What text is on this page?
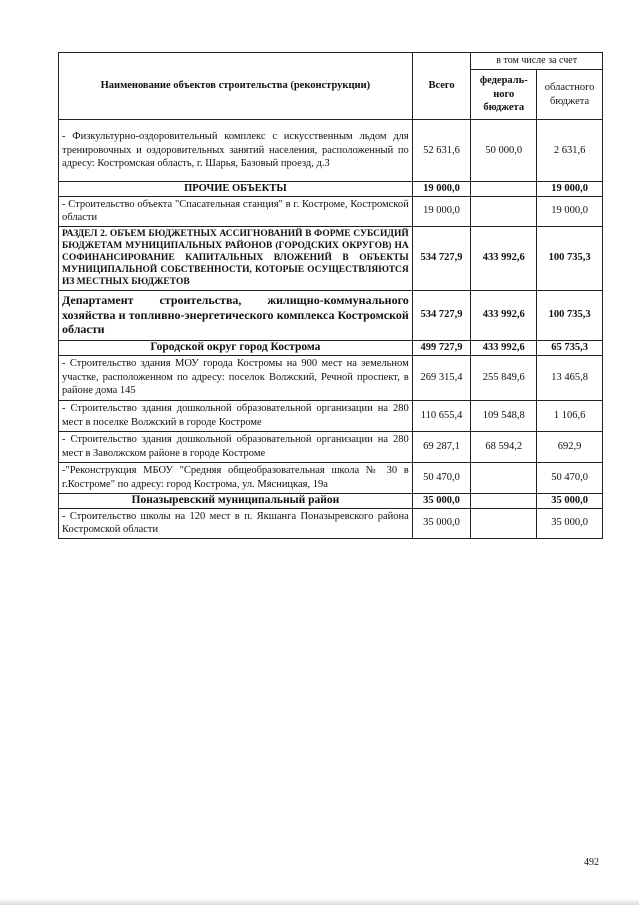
Наименование объектов строительства (реконструкции)	Всего	в том числе за счет	
		федераль-ного бюджета	областного бюджета
- Физкультурно-оздоровительный комплекс с искусственным льдом для тренировочных и оздоровительных занятий населения, расположенный по адресу: Костромская область, г. Шарья, Базовый проезд, д.3	52 631,6	50 000,0	2 631,6
ПРОЧИЕ ОБЪЕКТЫ	19 000,0		19 000,0
- Строительство объекта "Спасательная станция" в г. Костроме, Костромской области	19 000,0		19 000,0
РАЗДЕЛ 2. ОБЪЕМ БЮДЖЕТНЫХ АССИГНОВАНИЙ В ФОРМЕ СУБСИДИЙ БЮДЖЕТАМ МУНИЦИПАЛЬНЫХ РАЙОНОВ (ГОРОДСКИХ ОКРУГОВ) НА СОФИНАНСИРОВАНИЕ КАПИТАЛЬНЫХ ВЛОЖЕНИЙ В ОБЪЕКТЫ МУНИЦИПАЛЬНОЙ СОБСТВЕННОСТИ, КОТОРЫЕ ОСУЩЕСТВЛЯЮТСЯ ИЗ МЕСТНЫХ БЮДЖЕТОВ	534 727,9	433 992,6	100 735,3
Департамент строительства, жилищно-коммунального хозяйства и топливно-энергетического комплекса Костромской области	534 727,9	433 992,6	100 735,3
Городской округ город Кострома	499 727,9	433 992,6	65 735,3
- Строительство здания МОУ города Костромы на 900 мест на земельном участке, расположенном по адресу: поселок Волжский, Речной проспект, в районе дома 145	269 315,4	255 849,6	13 465,8
- Строительство здания дошкольной образовательной организации на 280 мест в поселке Волжский в городе Костроме	110 655,4	109 548,8	1 106,6
- Строительство здания дошкольной образовательной организации на 280 мест в Заволжском районе в городе Костроме	69 287,1	68 594,2	692,9
-"Реконструкция МБОУ "Средняя общеобразовательная школа № 30 в г.Костроме" по адресу: город Кострома, ул. Мясницкая, 19а	50 470,0		50 470,0
Поназыревский муниципальный район	35 000,0		35 000,0
- Строительство школы на 120 мест в п. Якшанга Поназыревского района Костромской области	35 000,0		35 000,0
492
